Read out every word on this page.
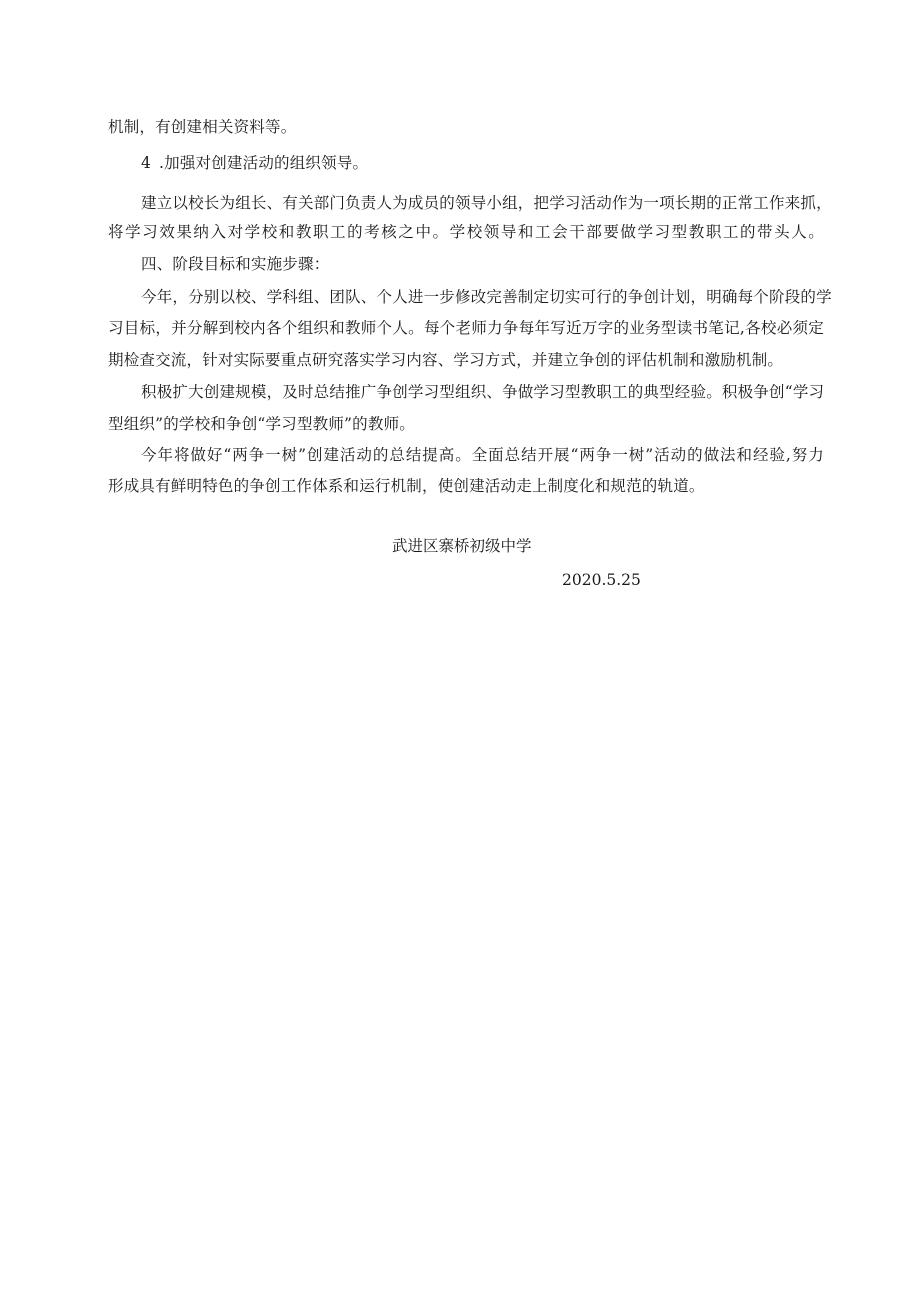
机制，有创建相关资料等。
4 .加强对创建活动的组织领导。
建立以校长为组长、有关部门负责人为成员的领导小组，把学习活动作为一项长期的正常工作来抓，
将学习效果纳入对学校和教职工的考核之中。学校领导和工会干部要做学习型教职工的带头人。
四、阶段目标和实施步骤：
今年，分别以校、学科组、团队、个人进一步修改完善制定切实可行的争创计划，明确每个阶段的学
习目标，并分解到校内各个组织和教师个人。每个老师力争每年写近万字的业务型读书笔记,各校必须定
期检查交流，针对实际要重点研究落实学习内容、学习方式，并建立争创的评估机制和激励机制。
积极扩大创建规模，及时总结推广争创学习型组织、争做学习型教职工的典型经验。积极争创“学习
型组织”的学校和争创“学习型教师”的教师。
今年将做好“两争一树”创建活动的总结提高。全面总结开展“两争一树”活动的做法和经验,努力
形成具有鲜明特色的争创工作体系和运行机制，使创建活动走上制度化和规范的轨道。
武进区寨桥初级中学
2020.5.25
